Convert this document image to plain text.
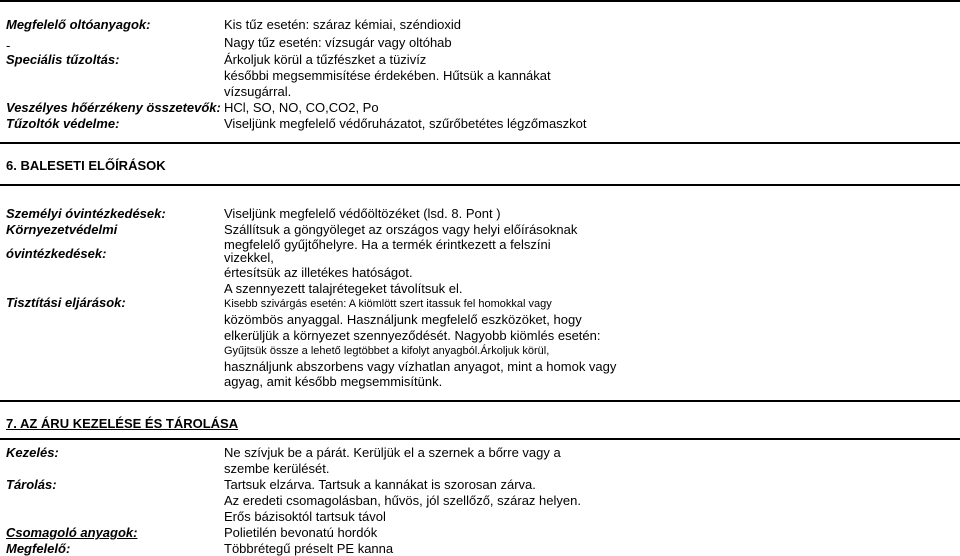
Megfelelő oltóanyagok:
-
Speciális tűzoltás:
Veszélyes hőérzékeny összetevők:
Tűzoltók védelme:
Kis tűz esetén: száraz kémiai, széndioxid
Nagy tűz esetén: vízsugár vagy oltóhab
Árkoljuk körül a tűzfészket a tüzivíz
későbbi megsemmisítése érdekében. Hűtsük a kannákat
vízsugárral.
HCl, SO, NO, CO,CO2, Po
Viseljünk megfelelő védőruházatot, szűrőbetétes légzőmaszkot
6. BALESETI ELŐÍRÁSOK
Személyi óvintézkedések:
Környezetvédelmi
óvintézkedések:
Tisztítási eljárások:
Viseljünk megfelelő védőöltözéket (lsd. 8. Pont )
Szállítsuk a göngyöleget az országos vagy helyi előírásoknak
megfelelő gyűjtőhelyre. Ha a termék érintkezett a felszíni
vizekkel,
értesítsük az illetékes hatóságot.
A szennyezett talajrétegeket távolítsuk el.
Kisebb szivárgás esetén: A kiömlött szert itassuk fel homokkal vagy
közömbös anyaggal. Használjunk megfelelő eszközöket, hogy
elkerüljük a környezet szennyeződését. Nagyobb kiömlés esetén:
Gyűjtsük össze a lehető legtöbbet a kifolyt anyagból.Árkoljuk körül,
használjunk abszorbens vagy vízhatlan anyagot, mint a homok vagy
agyag, amit később megsemmisítünk.
7. AZ ÁRU KEZELÉSE ÉS TÁROLÁSA
Kezelés:
Tárolás:
Csomagoló anyagok:
Megfelelő:
Ne szívjuk be a párát. Kerüljük el a szernek a bőrre vagy a
szembe kerülését.
Tartsuk elzárva. Tartsuk a kannákat is szorosan zárva.
Az eredeti csomagolásban, hűvös, jól szellőző, száraz helyen.
Erős bázisoktól tartsuk távol
Polietilén bevonatú hordók
Többrétegű préselt PE kanna
